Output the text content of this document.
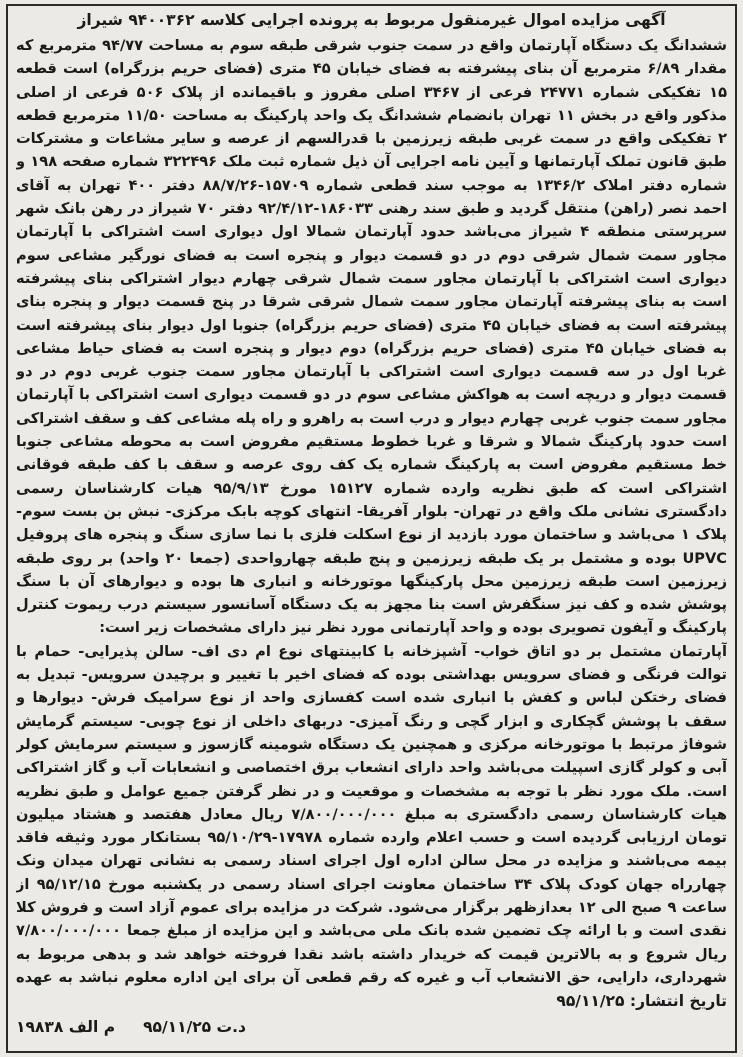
آگهی مزایده اموال غیرمنقول مربوط به پرونده اجرایی کلاسه ۹۴۰۰۳۶۲ شیراز

ششدانگ یک دستگاه آپارتمان واقع در سمت جنوب شرقی طبقه سوم به مساحت ۹۴/۷۷ مترمربع که مقدار ۶/۸۹ مترمربع آن بنای پیشرفته به فضای خیابان ۴۵ متری (فضای حریم بزرگراه) است قطعه ۱۵ تفکیکی شماره ۲۴۷۷۱ فرعی از ۳۴۶۷ اصلی مفروز و باقیمانده از پلاک ۵۰۶ فرعی از اصلی مذکور واقع در بخش ۱۱ تهران بانضمام ششدانگ یک واحد پارکینگ به مساحت ۱۱/۵۰ مترمربع قطعه ۲ تفکیکی واقع در سمت غربی طبقه زیرزمین با قدرالسهم از عرصه و سایر مشاعات و مشترکات طبق قانون تملک آپارتمانها و آیین نامه اجرایی آن ذیل شماره ثبت ملک ۳۲۲۴۹۶ شماره صفحه ۱۹۸ و شماره دفتر املاک ۱۳۴۶/۲ به موجب سند قطعی شماره ۱۵۷۰۹-۸۸/۷/۲۶ دفتر ۴۰۰ تهران به آقای احمد نصر (راهن) منتقل گردید و طبق سند رهنی ۱۸۶۰۳۳-۹۲/۴/۱۲ دفتر ۷۰ شیراز در رهن بانک شهر سرپرستی منطقه ۴ شیراز می‌باشد حدود آپارتمان شمالا اول دیواری است اشتراکی با آپارتمان مجاور سمت شمال شرقی دوم در دو قسمت دیوار و پنجره است به فضای نورگیر مشاعی سوم دیواری است اشتراکی با آپارتمان مجاور سمت شمال شرقی چهارم دیوار اشتراکی بنای پیشرفته است به بنای پیشرفته آپارتمان مجاور سمت شمال شرقی شرقا در پنج قسمت دیوار و پنجره بنای پیشرفته است به فضای خیابان ۴۵ متری (فضای حریم بزرگراه) جنوبا اول دیوار بنای پیشرفته است به فضای خیابان ۴۵ متری (فضای حریم بزرگراه) دوم دیوار و پنجره است به فضای حیاط مشاعی غربا اول در سه قسمت دیواری است اشتراکی با آپارتمان مجاور سمت جنوب غربی دوم در دو قسمت دیوار و دریچه است به هواکش مشاعی سوم در دو قسمت دیواری است اشتراکی با آپارتمان مجاور سمت جنوب غربی چهارم دیوار و درب است به راهرو و راه پله مشاعی کف و سقف اشتراکی است حدود پارکینگ شمالا و شرقا و غربا خطوط مستقیم مفروض است به محوطه مشاعی جنوبا خط مستقیم مفروض است به پارکینگ شماره یک کف روی عرصه و سقف با کف طبقه فوقانی اشتراکی است که طبق نظریه وارده شماره ۱۵۱۲۷ مورخ ۹۵/۹/۱۳ هیات کارشناسان رسمی دادگستری نشانی ملک واقع در تهران- بلوار آفریقا- انتهای کوچه بابک مرکزی- نبش بن بست سوم- پلاک ۱ می‌باشد و ساختمان مورد بازدید از نوع اسکلت فلزی با نما سازی سنگ و پنجره های پروفیل UPVC بوده و مشتمل بر یک طبقه زیرزمین و پنج طبقه چهارواحدی (جمعا ۲۰ واحد) بر روی طبقه زیرزمین است طبقه زیرزمین محل پارکینگها موتورخانه و انباری ها بوده و دیوارهای آن با سنگ پوشش شده و کف نیز سنگفرش است بنا مجهز به یک دستگاه آسانسور سیستم درب ریموت کنترل پارکینگ و آیفون تصویری بوده و واحد آپارتمانی مورد نظر نیز دارای مشخصات زیر است:

آپارتمان مشتمل بر دو اتاق خواب- آشپزخانه با کابینتهای نوع ام دی اف- سالن پذیرایی- حمام با توالت فرنگی و فضای سرویس بهداشتی بوده که فضای اخیر با تغییر و برچیدن سرویس- تبدیل به فضای رختکن لباس و کفش با انباری شده است کفسازی واحد از نوع سرامیک فرش- دیوارها و سقف با پوشش گچکاری و ابزار گچی و رنگ آمیزی- دربهای داخلی از نوع چوبی- سیستم گرمایش شوفاژ مرتبط با موتورخانه مرکزی و همچنین یک دستگاه شومینه گازسوز و سیستم سرمایش کولر آبی و کولر گازی اسپیلت می‌باشد واحد دارای انشعاب برق اختصاصی و انشعابات آب و گاز اشتراکی است. ملک مورد نظر با توجه به مشخصات و موقعیت و در نظر گرفتن جمیع عوامل و طبق نظریه هیات کارشناسان رسمی دادگستری به مبلغ ۷/۸۰۰/۰۰۰/۰۰۰ ریال معادل هفتصد و هشتاد میلیون تومان ارزیابی گردیده است و حسب اعلام وارده شماره ۱۷۹۷۸-۹۵/۱۰/۲۹ بستانکار مورد وثیقه فاقد بیمه می‌باشند و مزایده در محل سالن اداره اول اجرای اسناد رسمی به نشانی تهران میدان ونک چهارراه جهان کودک پلاک ۳۴ ساختمان معاونت اجرای اسناد رسمی در یکشنبه مورخ ۹۵/۱۲/۱۵ از ساعت ۹ صبح الی ۱۲ بعدازظهر برگزار می‌شود. شرکت در مزایده برای عموم آزاد است و فروش کلا نقدی است و با ارائه چک تضمین شده بانک ملی می‌باشد و این مزایده از مبلغ جمعا ۷/۸۰۰/۰۰۰/۰۰۰ ریال شروع و به بالاترین قیمت که خریدار داشته باشد نقدا فروخته خواهد شد و بدهی مربوط به شهرداری، دارایی، حق الانشعاب آب و غیره که رقم قطعی آن برای این اداره معلوم نباشد به عهده

تاریخ انتشار: ۹۵/۱۱/۲۵
د.ت ۹۵/۱۱/۲۵
م الف ۱۹۸۳۸
